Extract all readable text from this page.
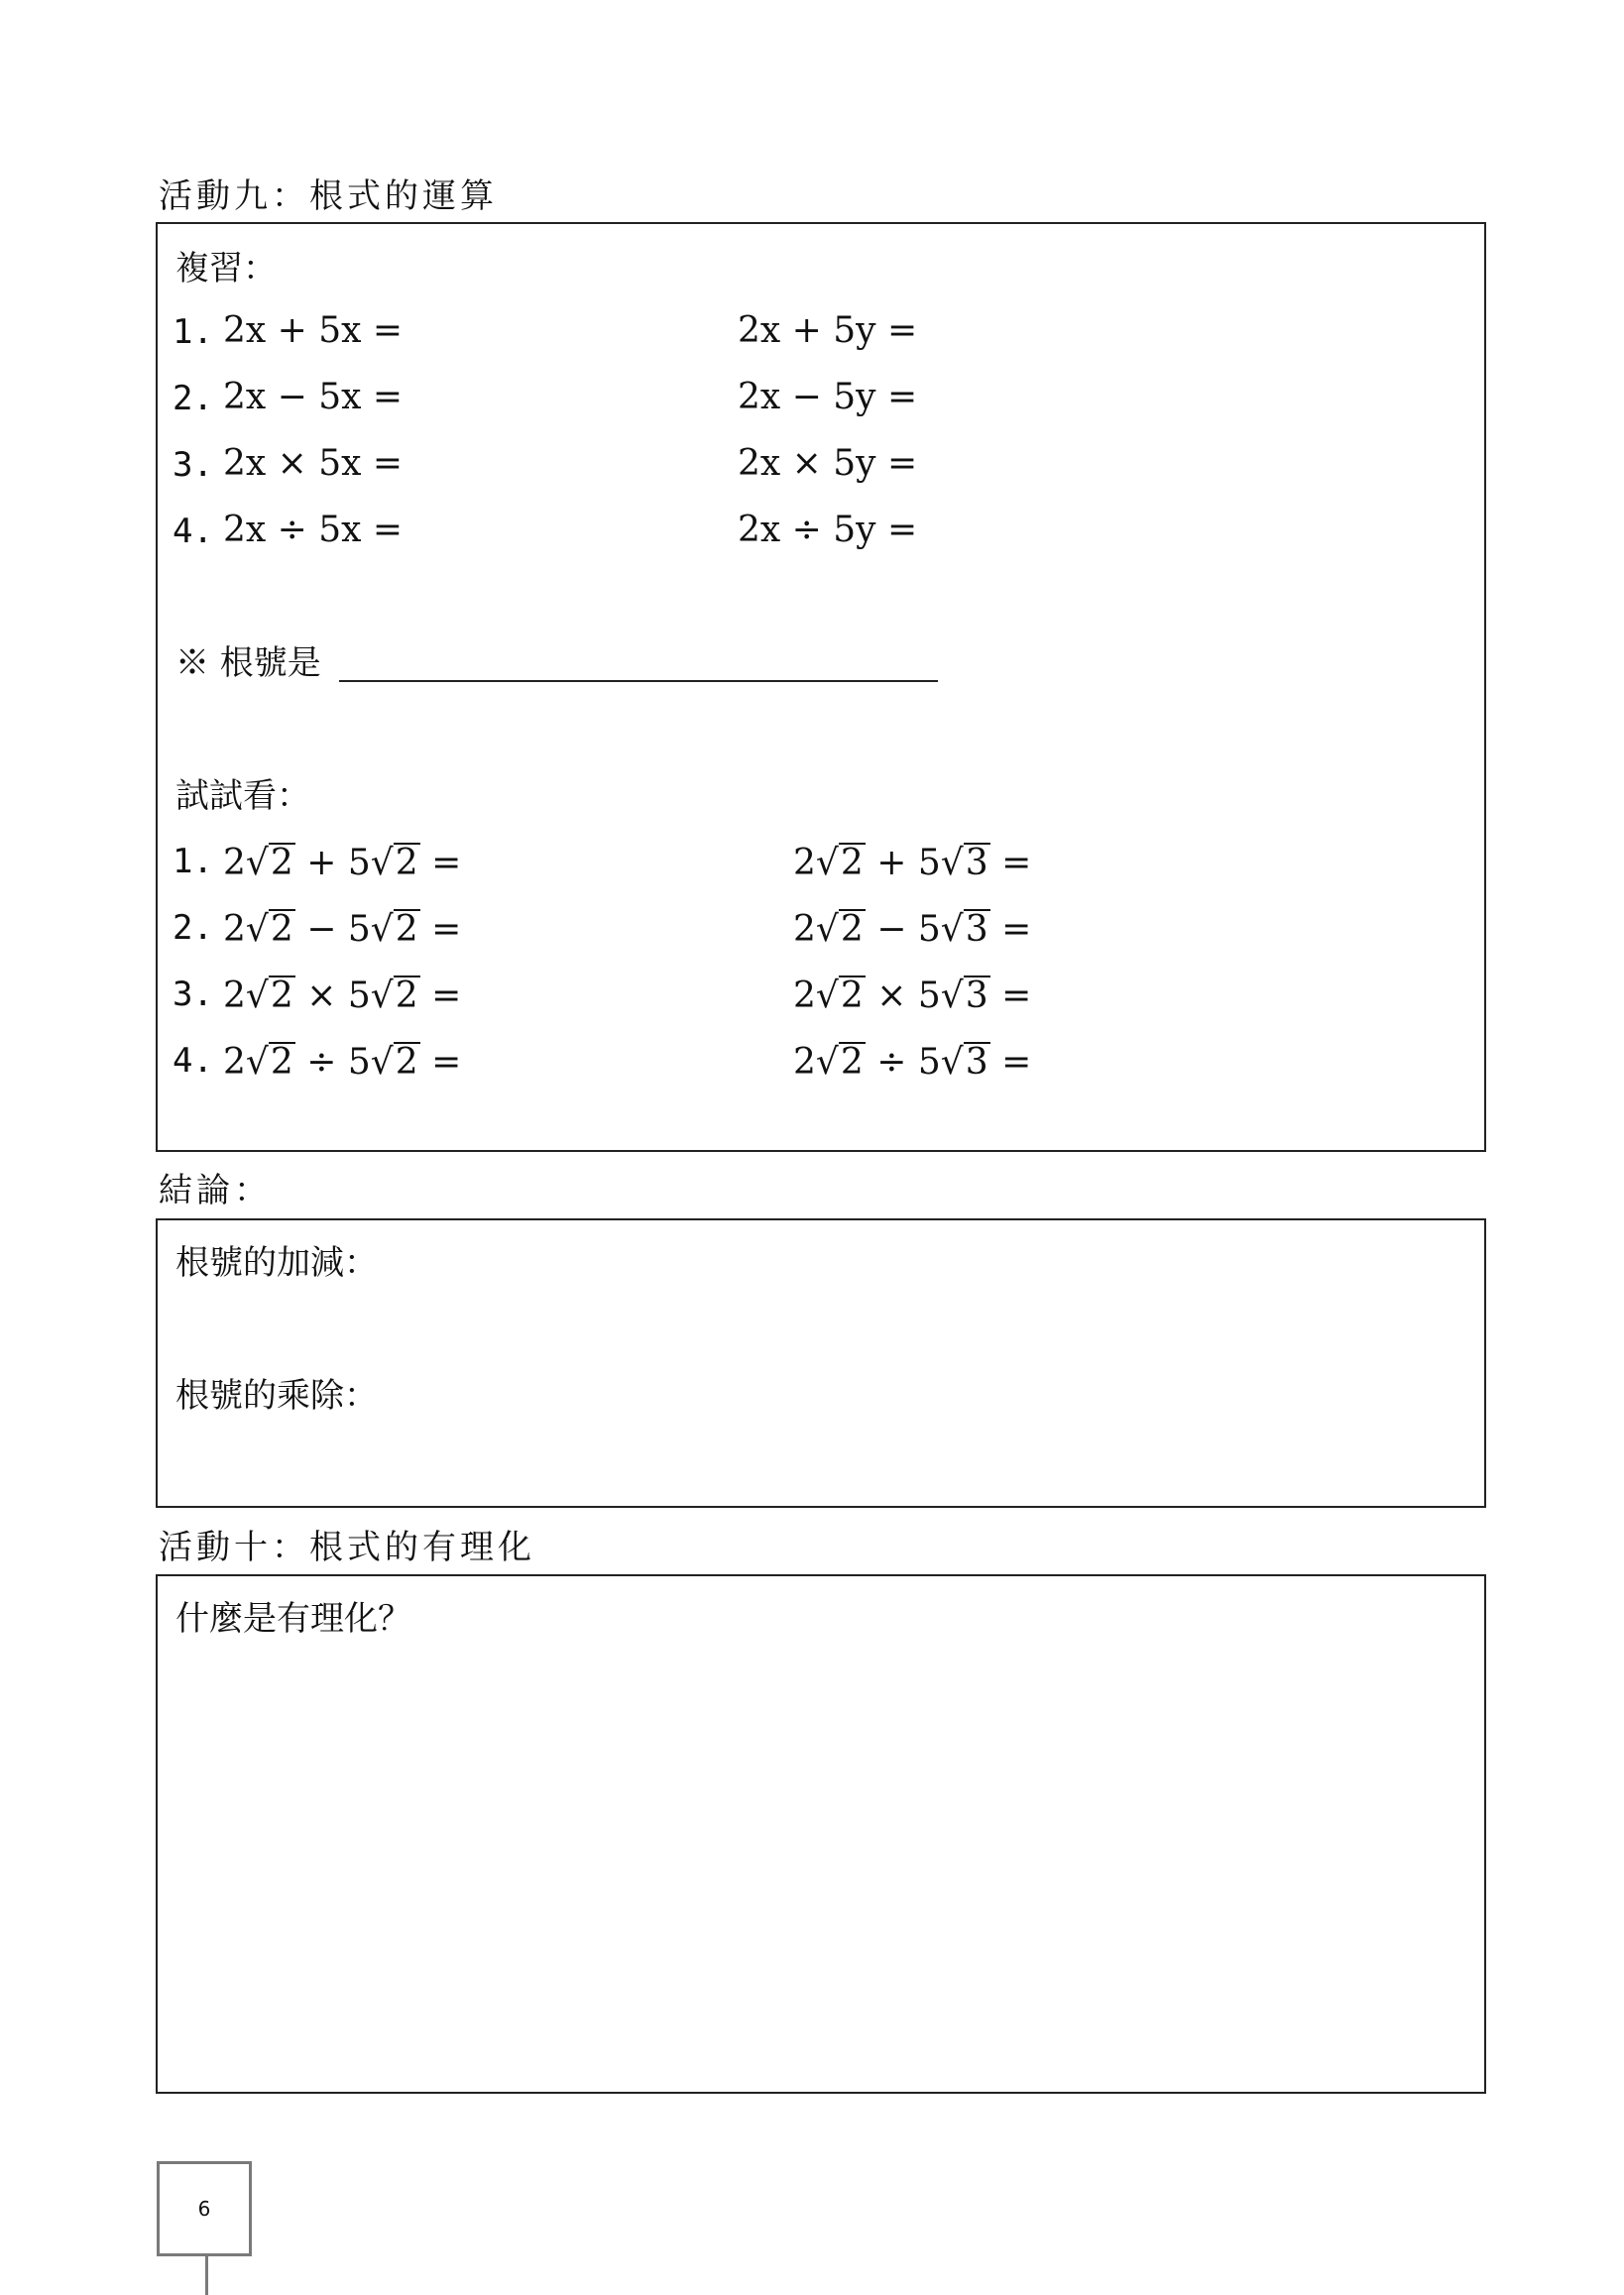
活動九：根式的運算
複習：
1. 2x + 5x =	2x + 5y =
2. 2x − 5x =	2x − 5y =
3. 2x × 5x =	2x × 5y =
4. 2x ÷ 5x =	2x ÷ 5y =
※ 根號是
試試看：
1. 2√2 + 5√2 =	2√2 + 5√3 =
2. 2√2 − 5√2 =	2√2 − 5√3 =
3. 2√2 × 5√2 =	2√2 × 5√3 =
4. 2√2 ÷ 5√2 =	2√2 ÷ 5√3 =
結論：
根號的加減：
根號的乘除：
活動十：根式的有理化
什麼是有理化？
6
